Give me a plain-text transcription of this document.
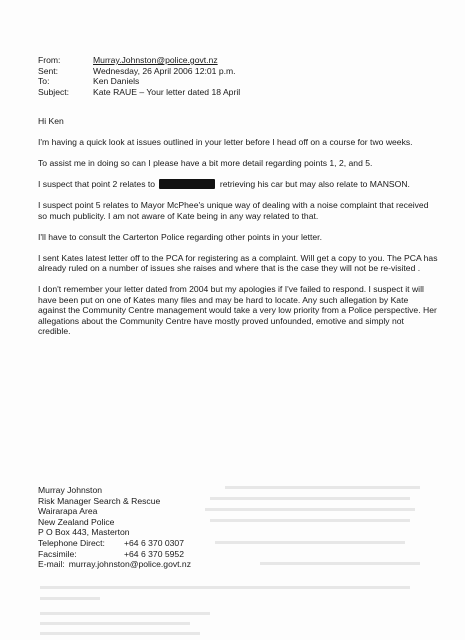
From:	Murray.Johnston@police.govt.nz
Sent:	Wednesday, 26 April 2006 12:01 p.m.
To:	Ken Daniels
Subject:	Kate RAUE – Your letter dated 18 April

Hi Ken

I'm having a quick look at issues outlined in your letter before I head off on a course for two weeks.

To assist me in doing so can I please have a bit more detail regarding points 1, 2, and 5.

I suspect that point 2 relates to	retrieving his car but may also relate to MANSON.

I suspect point 5 relates to Mayor McPhee's unique way of dealing with a noise complaint that received so much publicity. I am not aware of Kate being in any way related to that.

I'll have to consult the Carterton Police regarding other points in your letter.

I sent Kates latest letter off to the PCA for registering as a complaint. Will get a copy to you. The PCA has already ruled on a number of issues she raises and where that is the case they will not be re-visited .

I don't remember your letter dated from 2004 but my apologies if I've failed to respond. I suspect it will have been put on one of Kates many files and may be hard to locate. Any such allegation by Kate against the Community Centre management would take a very low priority from a Police perspective. Her allegations about the Community Centre have mostly proved unfounded, emotive and simply not credible.

Murray Johnston
Risk Manager Search & Rescue
Wairarapa Area
New Zealand Police
P O Box 443, Masterton
Telephone Direct:	+64 6 370 0307
Facsimile:	+64 6 370 5952
E-mail: murray.johnston@police.govt.nz
